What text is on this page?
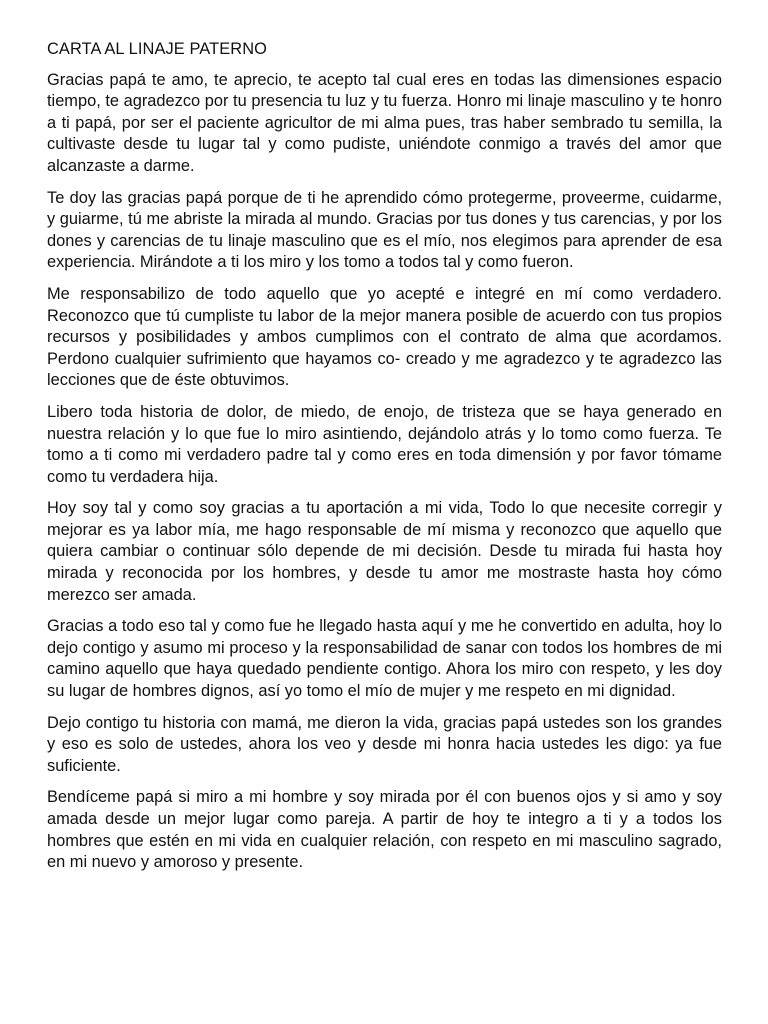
CARTA AL LINAJE PATERNO

Gracias papá te amo, te aprecio, te acepto tal cual eres en todas las dimensiones espacio tiempo, te agradezco por tu presencia tu luz y tu fuerza. Honro mi linaje masculino y te honro a ti papá, por ser el paciente agricultor de mi alma pues, tras haber sembrado tu semilla, la cultivaste desde tu lugar tal y como pudiste, uniéndote conmigo a través del amor que alcanzaste a darme.

Te doy las gracias papá porque de ti he aprendido cómo protegerme, proveerme, cuidarme, y guiarme, tú me abriste la mirada al mundo. Gracias por tus dones y tus carencias, y por los dones y carencias de tu linaje masculino que es el mío, nos elegimos para aprender de esa experiencia. Mirándote a ti los miro y los tomo a todos tal y como fueron.

Me responsabilizo de todo aquello que yo acepté e integré en mí como verdadero. Reconozco que tú cumpliste tu labor de la mejor manera posible de acuerdo con tus propios recursos y posibilidades y ambos cumplimos con el contrato de alma que acordamos. Perdono cualquier sufrimiento que hayamos co- creado y me agradezco y te agradezco las lecciones que de éste obtuvimos.

Libero toda historia de dolor, de miedo, de enojo, de tristeza que se haya generado en nuestra relación y lo que fue lo miro asintiendo, dejándolo atrás y lo tomo como fuerza. Te tomo a ti como mi verdadero padre tal y como eres en toda dimensión y por favor tómame como tu verdadera hija.

Hoy soy tal y como soy gracias a tu aportación a mi vida, Todo lo que necesite corregir y mejorar es ya labor mía, me hago responsable de mí misma y reconozco que aquello que quiera cambiar o continuar sólo depende de mi decisión. Desde tu mirada fui hasta hoy mirada y reconocida por los hombres, y desde tu amor me mostraste hasta hoy cómo merezco ser amada.

Gracias a todo eso tal y como fue he llegado hasta aquí y me he convertido en adulta, hoy lo dejo contigo y asumo mi proceso y la responsabilidad de sanar con todos los hombres de mi camino aquello que haya quedado pendiente contigo. Ahora los miro con respeto, y les doy su lugar de hombres dignos, así yo tomo el mío de mujer y me respeto en mi dignidad.

Dejo contigo tu historia con mamá, me dieron la vida, gracias papá ustedes son los grandes y eso es solo de ustedes, ahora los veo y desde mi honra hacia ustedes les digo: ya fue suficiente.

Bendíceme papá si miro a mi hombre y soy mirada por él con buenos ojos y si amo y soy amada desde un mejor lugar como pareja. A partir de hoy te integro a ti y a todos los hombres que estén en mi vida en cualquier relación, con respeto en mi masculino sagrado, en mi nuevo y amoroso y presente.
